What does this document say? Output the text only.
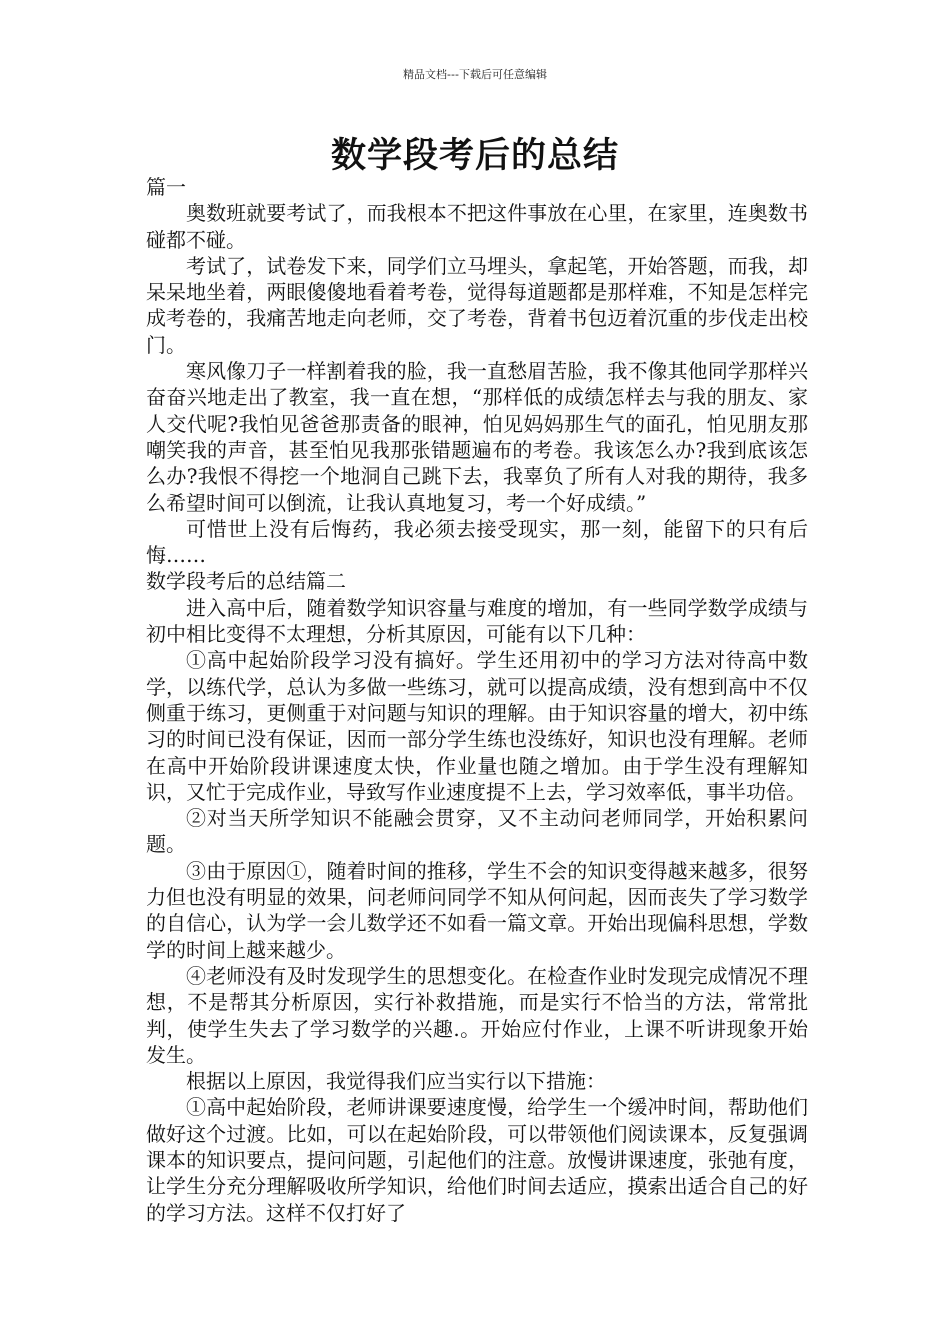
精品文档---下载后可任意编辑
数学段考后的总结

篇一

奥数班就要考试了，而我根本不把这件事放在心里，在家里，连奥数书碰都不碰。

考试了，试卷发下来，同学们立马埋头，拿起笔，开始答题，而我，却呆呆地坐着，两眼傻傻地看着考卷，觉得每道题都是那样难，不知是怎样完成考卷的，我痛苦地走向老师，交了考卷，背着书包迈着沉重的步伐走出校门。

寒风像刀子一样割着我的脸，我一直愁眉苦脸，我不像其他同学那样兴奋奋兴地走出了教室，我一直在想，“那样低的成绩怎样去与我的朋友、家人交代呢?我怕见爸爸那责备的眼神，怕见妈妈那生气的面孔，怕见朋友那嘲笑我的声音，甚至怕见我那张错题遍布的考卷。我该怎么办?我到底该怎么办?我恨不得挖一个地洞自己跳下去，我辜负了所有人对我的期待，我多么希望时间可以倒流，让我认真地复习，考一个好成绩。”

可惜世上没有后悔药，我必须去接受现实，那一刻，能留下的只有后悔……

数学段考后的总结篇二

进入高中后，随着数学知识容量与难度的增加，有一些同学数学成绩与初中相比变得不太理想，分析其原因，可能有以下几种：

①高中起始阶段学习没有搞好。学生还用初中的学习方法对待高中数学，以练代学，总认为多做一些练习，就可以提高成绩，没有想到高中不仅侧重于练习，更侧重于对问题与知识的理解。由于知识容量的增大，初中练习的时间已没有保证，因而一部分学生练也没练好，知识也没有理解。老师在高中开始阶段讲课速度太快，作业量也随之增加。由于学生没有理解知识，又忙于完成作业，导致写作业速度提不上去，学习效率低，事半功倍。

②对当天所学知识不能融会贯穿，又不主动问老师同学，开始积累问题。

③由于原因①，随着时间的推移，学生不会的知识变得越来越多，很努力但也没有明显的效果，问老师问同学不知从何问起，因而丧失了学习数学的自信心，认为学一会儿数学还不如看一篇文章。开始出现偏科思想，学数学的时间上越来越少。

④老师没有及时发现学生的思想变化。在检查作业时发现完成情况不理想，不是帮其分析原因，实行补救措施，而是实行不恰当的方法，常常批判，使学生失去了学习数学的兴趣.。开始应付作业，上课不听讲现象开始发生。

根据以上原因，我觉得我们应当实行以下措施：

①高中起始阶段，老师讲课要速度慢，给学生一个缓冲时间，帮助他们做好这个过渡。比如，可以在起始阶段，可以带领他们阅读课本，反复强调课本的知识要点，提问问题，引起他们的注意。放慢讲课速度，张弛有度，让学生分充分理解吸收所学知识，给他们时间去适应，摸索出适合自己的好的学习方法。这样不仅打好了
